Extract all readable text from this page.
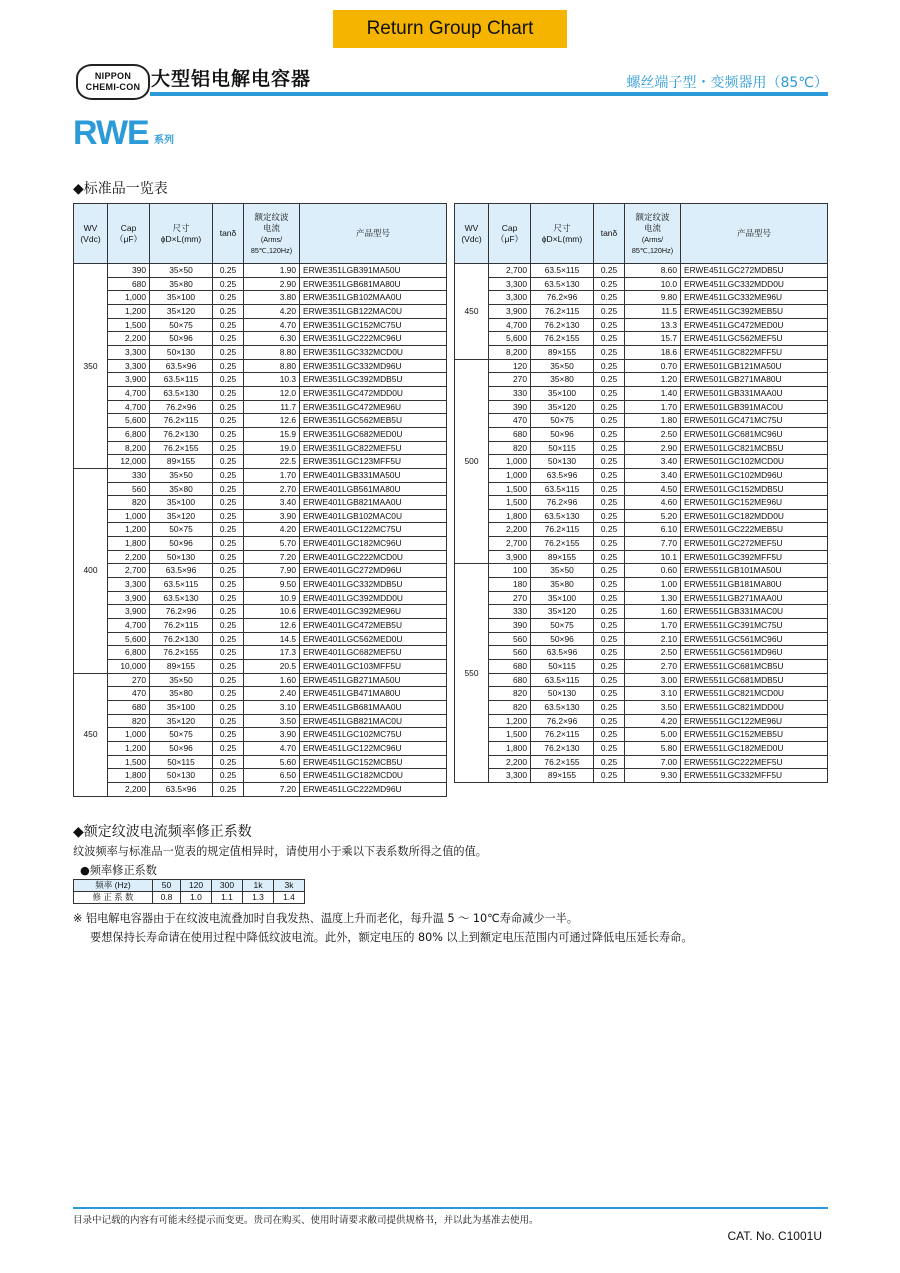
Return Group Chart
NIPPON
CHEMI-CON 大型铝电解电容器	螺丝端子型・变频器用（85℃）
RWE 系列
◆标准品一览表
WV
(Vdc)	Cap
（μF）	尺寸
ϕD×L(mm)	tanδ	额定纹波
电流
(Arms/
85℃,120Hz)	产品型号
350	390	35×50	0.25	1.90	ERWE351LGB391MA50U
	680	35×80	0.25	2.90	ERWE351LGB681MA80U
	1,000	35×100	0.25	3.80	ERWE351LGB102MAA0U
	1,200	35×120	0.25	4.20	ERWE351LGB122MAC0U
	1,500	50×75	0.25	4.70	ERWE351LGC152MC75U
	2,200	50×96	0.25	6.30	ERWE351LGC222MC96U
	3,300	50×130	0.25	8.80	ERWE351LGC332MCD0U
	3,300	63.5×96	0.25	8.80	ERWE351LGC332MD96U
	3,900	63.5×115	0.25	10.3	ERWE351LGC392MDB5U
	4,700	63.5×130	0.25	12.0	ERWE351LGC472MDD0U
	4,700	76.2×96	0.25	11.7	ERWE351LGC472ME96U
	5,600	76.2×115	0.25	12.6	ERWE351LGC562MEB5U
	6,800	76.2×130	0.25	15.9	ERWE351LGC682MED0U
	8,200	76.2×155	0.25	19.0	ERWE351LGC822MEF5U
	12,000	89×155	0.25	22.5	ERWE351LGC123MFF5U
400	330	35×50	0.25	1.70	ERWE401LGB331MA50U
	560	35×80	0.25	2.70	ERWE401LGB561MA80U
	820	35×100	0.25	3.40	ERWE401LGB821MAA0U
	1,000	35×120	0.25	3.90	ERWE401LGB102MAC0U
	1,200	50×75	0.25	4.20	ERWE401LGC122MC75U
	1,800	50×96	0.25	5.70	ERWE401LGC182MC96U
	2,200	50×130	0.25	7.20	ERWE401LGC222MCD0U
	2,700	63.5×96	0.25	7.90	ERWE401LGC272MD96U
	3,300	63.5×115	0.25	9.50	ERWE401LGC332MDB5U
	3,900	63.5×130	0.25	10.9	ERWE401LGC392MDD0U
	3,900	76.2×96	0.25	10.6	ERWE401LGC392ME96U
	4,700	76.2×115	0.25	12.6	ERWE401LGC472MEB5U
	5,600	76.2×130	0.25	14.5	ERWE401LGC562MED0U
	6,800	76.2×155	0.25	17.3	ERWE401LGC682MEF5U
	10,000	89×155	0.25	20.5	ERWE401LGC103MFF5U
450	270	35×50	0.25	1.60	ERWE451LGB271MA50U
	470	35×80	0.25	2.40	ERWE451LGB471MA80U
	680	35×100	0.25	3.10	ERWE451LGB681MAA0U
	820	35×120	0.25	3.50	ERWE451LGB821MAC0U
	1,000	50×75	0.25	3.90	ERWE451LGC102MC75U
	1,200	50×96	0.25	4.70	ERWE451LGC122MC96U
	1,500	50×115	0.25	5.60	ERWE451LGC152MCB5U
	1,800	50×130	0.25	6.50	ERWE451LGC182MCD0U
	2,200	63.5×96	0.25	7.20	ERWE451LGC222MD96U
WV
(Vdc)	Cap
（μF）	尺寸
ϕD×L(mm)	tanδ	额定纹波
电流
(Arms/
85℃,120Hz)	产品型号
450	2,700	63.5×115	0.25	8.60	ERWE451LGC272MDB5U
	3,300	63.5×130	0.25	10.0	ERWE451LGC332MDD0U
	3,300	76.2×96	0.25	9.80	ERWE451LGC332ME96U
	3,900	76.2×115	0.25	11.5	ERWE451LGC392MEB5U
	4,700	76.2×130	0.25	13.3	ERWE451LGC472MED0U
	5,600	76.2×155	0.25	15.7	ERWE451LGC562MEF5U
	8,200	89×155	0.25	18.6	ERWE451LGC822MFF5U
500	120	35×50	0.25	0.70	ERWE501LGB121MA50U
	270	35×80	0.25	1.20	ERWE501LGB271MA80U
	330	35×100	0.25	1.40	ERWE501LGB331MAA0U
	390	35×120	0.25	1.70	ERWE501LGB391MAC0U
	470	50×75	0.25	1.80	ERWE501LGC471MC75U
	680	50×96	0.25	2.50	ERWE501LGC681MC96U
	820	50×115	0.25	2.90	ERWE501LGC821MCB5U
	1,000	50×130	0.25	3.40	ERWE501LGC102MCD0U
	1,000	63.5×96	0.25	3.40	ERWE501LGC102MD96U
	1,500	63.5×115	0.25	4.50	ERWE501LGC152MDB5U
	1,500	76.2×96	0.25	4.60	ERWE501LGC152ME96U
	1,800	63.5×130	0.25	5.20	ERWE501LGC182MDD0U
	2,200	76.2×115	0.25	6.10	ERWE501LGC222MEB5U
	2,700	76.2×155	0.25	7.70	ERWE501LGC272MEF5U
	3,900	89×155	0.25	10.1	ERWE501LGC392MFF5U
550	100	35×50	0.25	0.60	ERWE551LGB101MA50U
	180	35×80	0.25	1.00	ERWE551LGB181MA80U
	270	35×100	0.25	1.30	ERWE551LGB271MAA0U
	330	35×120	0.25	1.60	ERWE551LGB331MAC0U
	390	50×75	0.25	1.70	ERWE551LGC391MC75U
	560	50×96	0.25	2.10	ERWE551LGC561MC96U
	560	63.5×96	0.25	2.50	ERWE551LGC561MD96U
	680	50×115	0.25	2.70	ERWE551LGC681MCB5U
	680	63.5×115	0.25	3.00	ERWE551LGC681MDB5U
	820	50×130	0.25	3.10	ERWE551LGC821MCD0U
	820	63.5×130	0.25	3.50	ERWE551LGC821MDD0U
	1,200	76.2×96	0.25	4.20	ERWE551LGC122ME96U
	1,500	76.2×115	0.25	5.00	ERWE551LGC152MEB5U
	1,800	76.2×130	0.25	5.80	ERWE551LGC182MED0U
	2,200	76.2×155	0.25	7.00	ERWE551LGC222MEF5U
	3,300	89×155	0.25	9.30	ERWE551LGC332MFF5U
◆额定纹波电流频率修正系数
纹波频率与标准品一览表的规定值相异时，请使用小于乘以下表系数所得之值的值。
●频率修正系数
频率 (Hz)	50	120	300	1k	3k
修 正 系 数	0.8	1.0	1.1	1.3	1.4
※ 铝电解电容器由于在纹波电流叠加时自我发热、温度上升而老化，每升温 5 ～ 10℃寿命减少一半。
要想保持长寿命请在使用过程中降低纹波电流。此外，额定电压的 80% 以上到额定电压范围内可通过降低电压延长寿命。
目录中记载的内容有可能未经提示而变更。贵司在购买、使用时请要求敝司提供规格书，并以此为基准去使用。
CAT. No. C1001U
